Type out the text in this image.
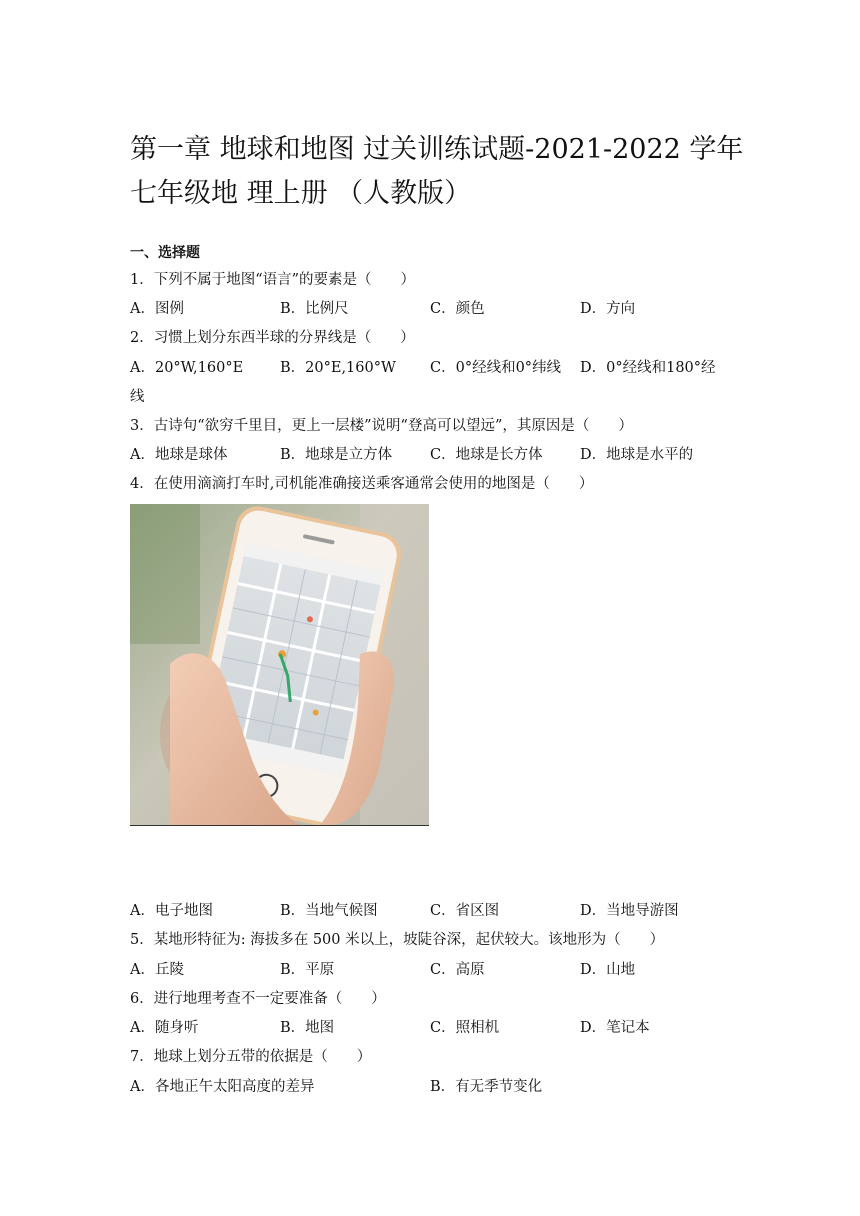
第一章 地球和地图 过关训练试题-2021-2022 学年七年级地 理上册 （人教版）
一、选择题
1．下列不属于地图“语言”的要素是（　　）
A．图例	B．比例尺	C．颜色	D．方向
2．习惯上划分东西半球的分界线是（　　）
A．20°W,160°E	B．20°E,160°W C．0°经线和0°纬线 D．0°经线和180°经
线
3．古诗句“欲穷千里目，更上一层楼”说明“登高可以望远”，其原因是（　　）
A．地球是球体	B．地球是立方体	C．地球是长方体	D．地球是水平的
4．在使用滴滴打车时,司机能准确接送乘客通常会使用的地图是（　　）
A．电子地图	B．当地气候图	C．省区图	D．当地导游图
5．某地形特征为: 海拔多在 500 米以上，坡陡谷深，起伏较大。该地形为（　　）
A．丘陵	B．平原	C．高原	D．山地
6．进行地理考查不一定要准备（　　）
A．随身听	B．地图	C．照相机	D．笔记本
7．地球上划分五带的依据是（　　）
A．各地正午太阳高度的差异	B．有无季节变化
